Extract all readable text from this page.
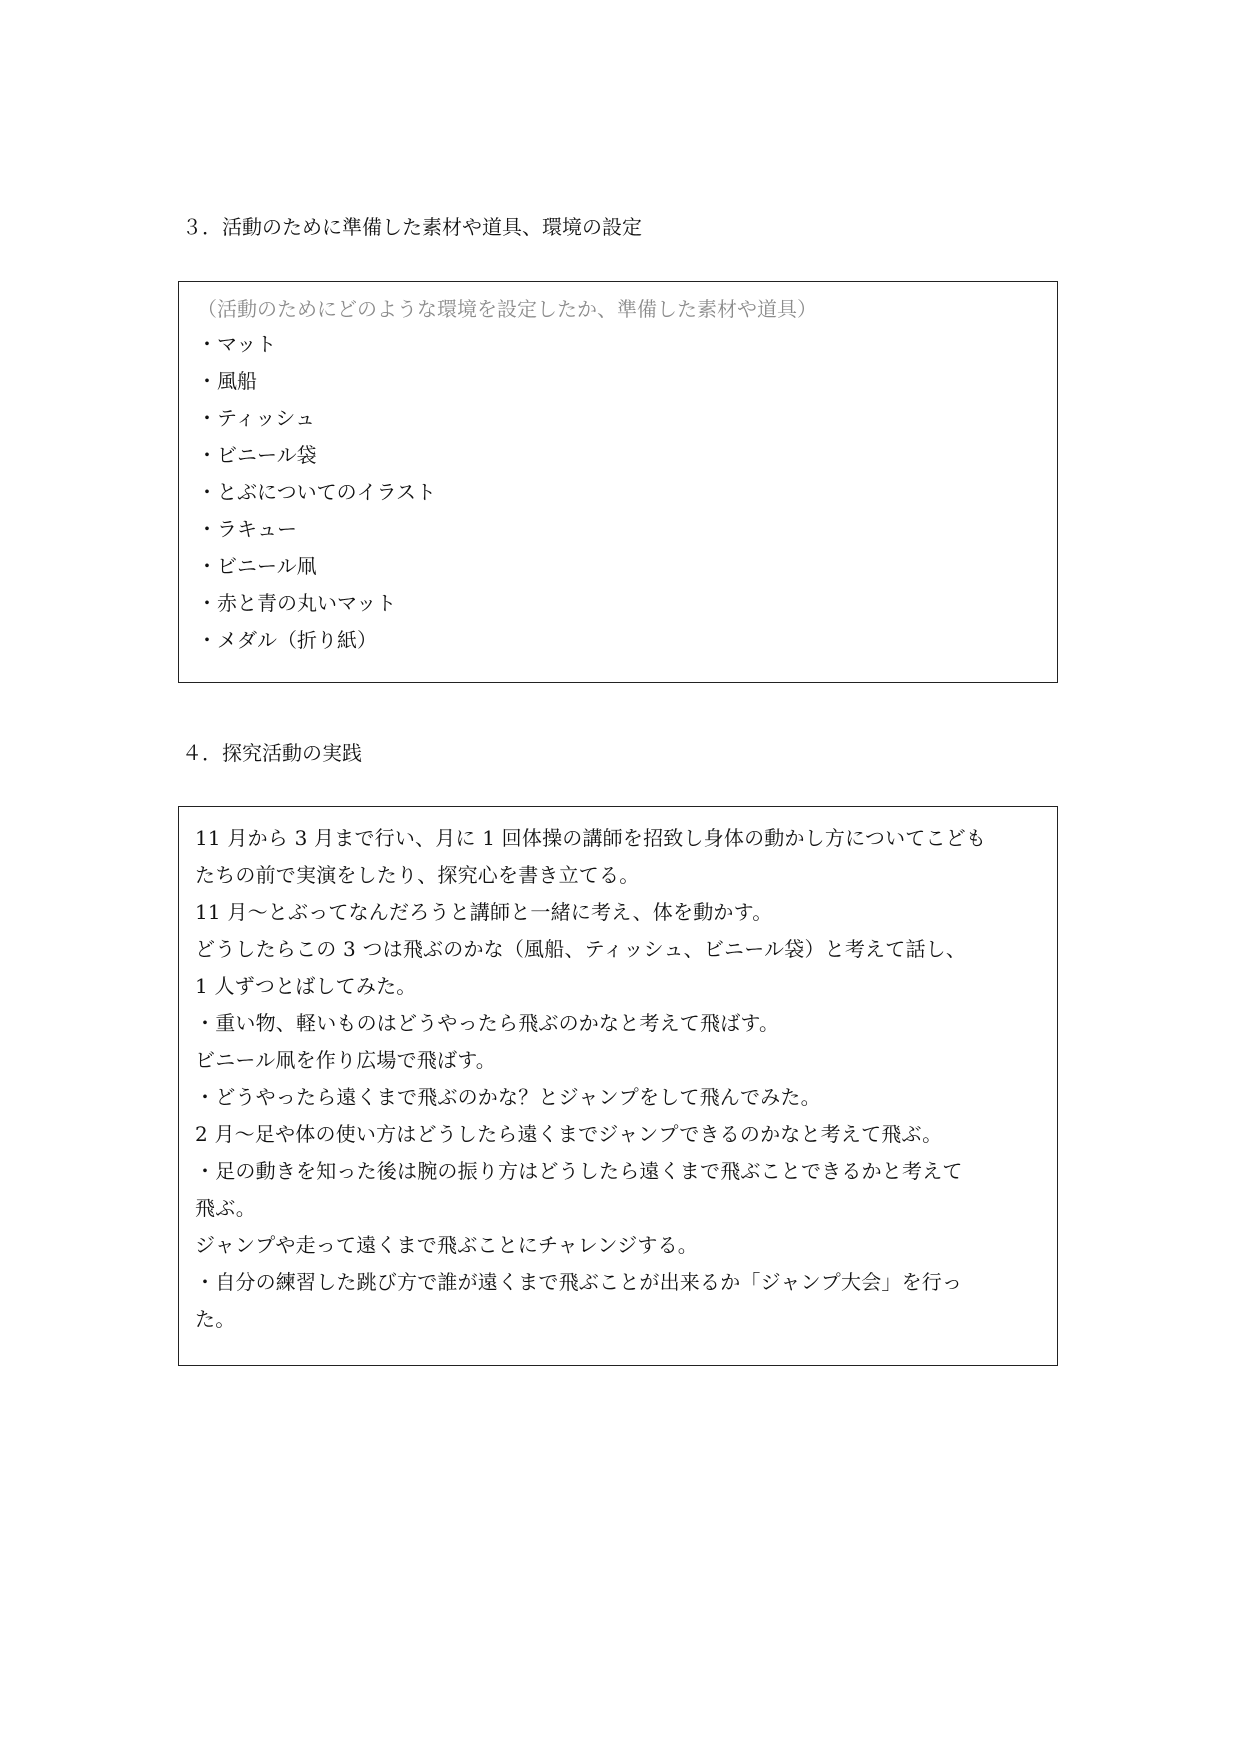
３．活動のために準備した素材や道具、環境の設定

（活動のためにどのような環境を設定したか、準備した素材や道具）

・マット

・風船

・ティッシュ

・ビニール袋

・とぶについてのイラスト

・ラキュー

・ビニール凧

・赤と青の丸いマット

・メダル（折り紙）

４．探究活動の実践

11 月から 3 月まで行い、月に 1 回体操の講師を招致し身体の動かし方についてこども

たちの前で実演をしたり、探究心を書き立てる。

11 月～とぶってなんだろうと講師と一緒に考え、体を動かす。

どうしたらこの 3 つは飛ぶのかな（風船、ティッシュ、ビニール袋）と考えて話し、

1 人ずつとばしてみた。

・重い物、軽いものはどうやったら飛ぶのかなと考えて飛ばす。

ビニール凧を作り広場で飛ばす。

・どうやったら遠くまで飛ぶのかな？とジャンプをして飛んでみた。

2 月～足や体の使い方はどうしたら遠くまでジャンプできるのかなと考えて飛ぶ。

・足の動きを知った後は腕の振り方はどうしたら遠くまで飛ぶことできるかと考えて

飛ぶ。

ジャンプや走って遠くまで飛ぶことにチャレンジする。

・自分の練習した跳び方で誰が遠くまで飛ぶことが出来るか「ジャンプ大会」を行っ

た。
